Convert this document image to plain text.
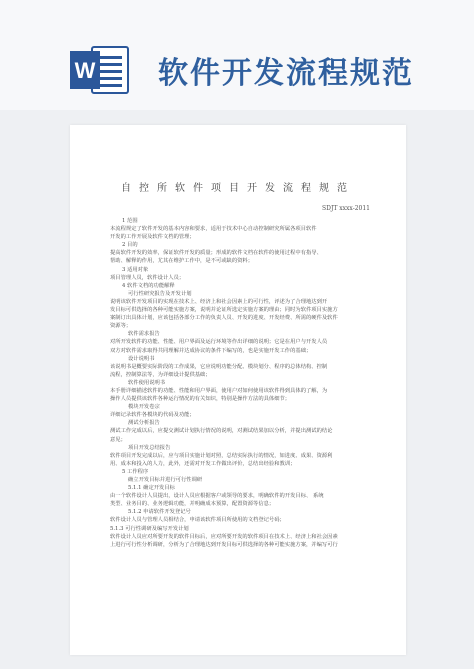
W 软件开发流程规范
自控所软件项目开发流程规范
SDJT xxxx-2011

1 范围

本流程规定了软件开发的基本内容和要求，适用于技术中心自动控制研究所属各项目软件

开发的工作开展及软件文档的管理；

2 目的

提高软件开发的效率，保证软件开发的质量；形成的软件文档在软件的使用过程中有指导、

帮助、解释的作用，尤其在维护工作中，是不可或缺的资料；

3 适用对象

项目管理人员，软件设计人员；

4 软件文档的功能解释

可行性研究报告及开发计划

说明该软件开发项目的实现在技术上、经济上和社会因素上的可行性，评述为了合理地达到开

发目标可供选择的各种可能实施方案，说明并论证所选定实施方案的理由；同时为软件项目实施方

案制订出具体计划，应该包括各部分工作的负责人员、开发的进度、开发经费、所需的硬件及软件

资源等；

软件需求报告

对所开发软件的功能、性能、用户界面及运行环境等作出详细的说明；它是在用户与开发人员

双方对软件需求取得共同理解并达成协议的条件下编写的，也是实施开发工作的基础；

设计说明书

该说明书是概要实际阶段的工作成果，它应说明功能分配、模块划分、程序的总体结构、控制

流程，控制算法等，为详细设计提供基础；

软件使用说明书

本手册详细描述软件的功能、性能和用户界面，使用户对如何使用该软件得到具体的了解，为

操作人员提供该软件各种运行情况的有关知识，特别是操作方法的具体细节；

模块开发卷宗

详细记录软件各模块的代码及功能；

测试分析报告

测试工作完成以后，应提交测试计划执行情况的说明，对测试结果加以分析，并提出测试的结论

意见；

项目开发总结报告

软件项目开发完成以后，应与项目实施计划对照，总结实际执行的情况，如进度、成果、资源利

用、成本和投入的人力，此外，还需对开发工作做出评价，总结出经验和教训；

5 工作程序

确立开发目标并进行可行性调研

5.1.1 确定开发目标

由一个软件设计人员提出，设计人员应根据客户或领导的要求，明确软件的开发目标、 系统

类型、业务目的、业务逻辑功能，并明确成本预算，配置资源等信息；

5.1.2 申请软件开发登记号

软件设计人员与管理人员相结合，申请该软件项目所使用的文档登记号码；

5.1.3 可行性调研及编写开发计划

软件设计人员应对所要开发的软件目标后，应对所要开发的软件项目在技术上、经济上和社会因素

上进行可行性分析调研，分析为了合理地达到开发目标可供选择的各种可能实施方案，并编写可行
